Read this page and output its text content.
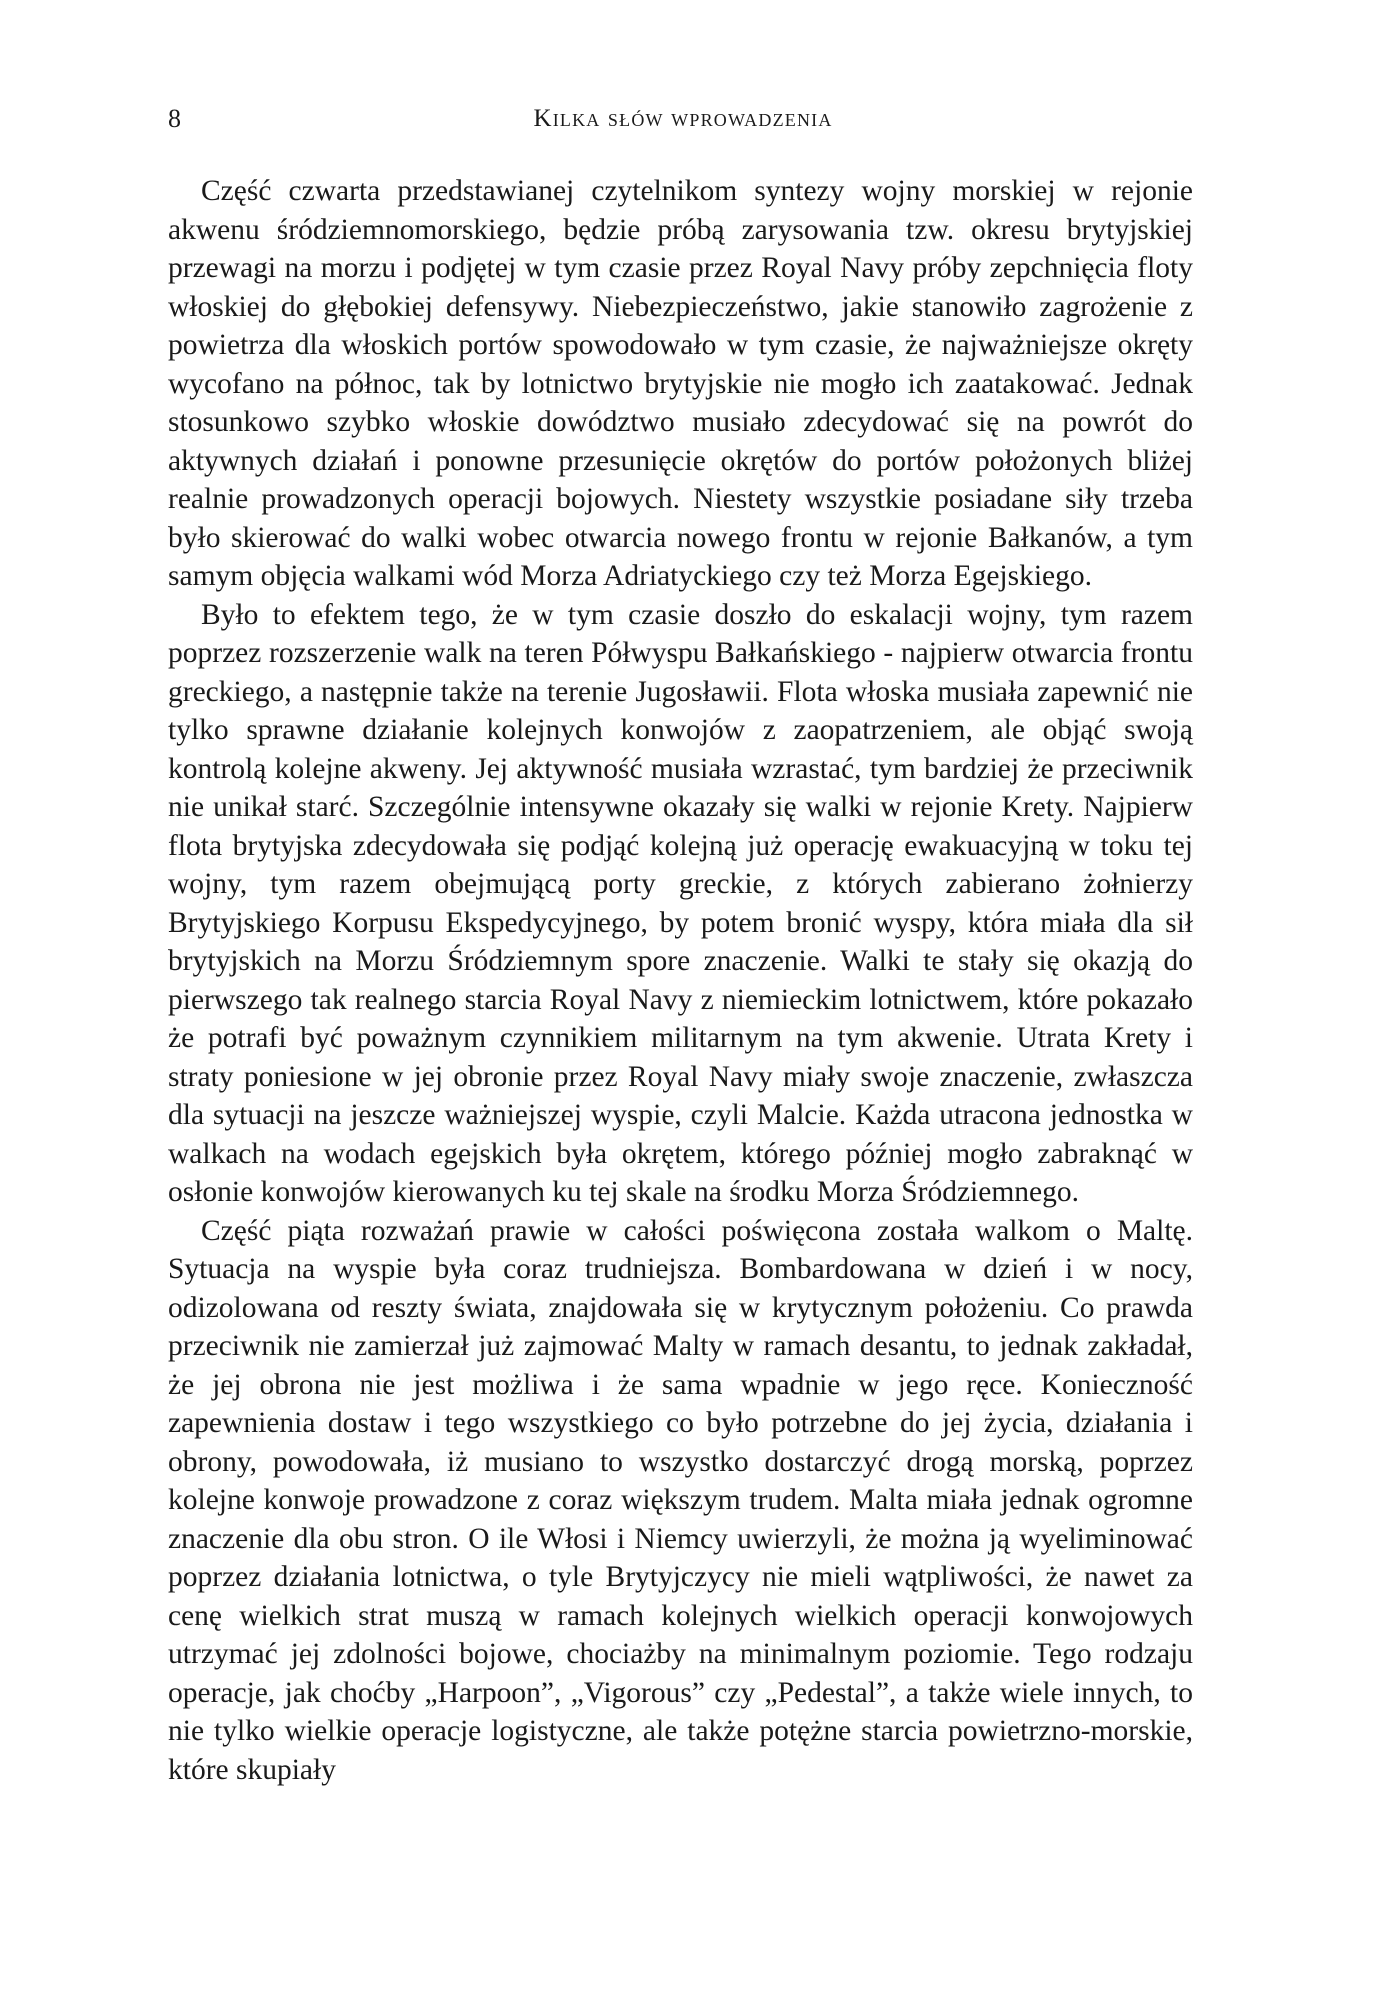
8	Kilka słów wprowadzenia

Część czwarta przedstawianej czytelnikom syntezy wojny morskiej w rejonie akwenu śródziemnomorskiego, będzie próbą zarysowania tzw. okresu brytyjskiej przewagi na morzu i podjętej w tym czasie przez Royal Navy próby zepchnięcia floty włoskiej do głębokiej defensywy. Niebezpieczeństwo, jakie stanowiło zagrożenie z powietrza dla włoskich portów spowodowało w tym czasie, że najważniejsze okręty wycofano na północ, tak by lotnictwo brytyjskie nie mogło ich zaatakować. Jednak stosunkowo szybko włoskie dowództwo musiało zdecydować się na powrót do aktywnych działań i ponowne przesunięcie okrętów do portów położonych bliżej realnie prowadzonych operacji bojowych. Niestety wszystkie posiadane siły trzeba było skierować do walki wobec otwarcia nowego frontu w rejonie Bałkanów, a tym samym objęcia walkami wód Morza Adriatyckiego czy też Morza Egejskiego.

Było to efektem tego, że w tym czasie doszło do eskalacji wojny, tym razem poprzez rozszerzenie walk na teren Półwyspu Bałkańskiego - najpierw otwarcia frontu greckiego, a następnie także na terenie Jugosławii. Flota włoska musiała zapewnić nie tylko sprawne działanie kolejnych konwojów z zaopatrzeniem, ale objąć swoją kontrolą kolejne akweny. Jej aktywność musiała wzrastać, tym bardziej że przeciwnik nie unikał starć. Szczególnie intensywne okazały się walki w rejonie Krety. Najpierw flota brytyjska zdecydowała się podjąć kolejną już operację ewakuacyjną w toku tej wojny, tym razem obejmującą porty greckie, z których zabierano żołnierzy Brytyjskiego Korpusu Ekspedycyjnego, by potem bronić wyspy, która miała dla sił brytyjskich na Morzu Śródziemnym spore znaczenie. Walki te stały się okazją do pierwszego tak realnego starcia Royal Navy z niemieckim lotnictwem, które pokazało że potrafi być poważnym czynnikiem militarnym na tym akwenie. Utrata Krety i straty poniesione w jej obronie przez Royal Navy miały swoje znaczenie, zwłaszcza dla sytuacji na jeszcze ważniejszej wyspie, czyli Malcie. Każda utracona jednostka w walkach na wodach egejskich była okrętem, którego później mogło zabraknąć w osłonie konwojów kierowanych ku tej skale na środku Morza Śródziemnego.

Część piąta rozważań prawie w całości poświęcona została walkom o Maltę. Sytuacja na wyspie była coraz trudniejsza. Bombardowana w dzień i w nocy, odizolowana od reszty świata, znajdowała się w krytycznym położeniu. Co prawda przeciwnik nie zamierzał już zajmować Malty w ramach desantu, to jednak zakładał, że jej obrona nie jest możliwa i że sama wpadnie w jego ręce. Konieczność zapewnienia dostaw i tego wszystkiego co było potrzebne do jej życia, działania i obrony, powodowała, iż musiano to wszystko dostarczyć drogą morską, poprzez kolejne konwoje prowadzone z coraz większym trudem. Malta miała jednak ogromne znaczenie dla obu stron. O ile Włosi i Niemcy uwierzyli, że można ją wyeliminować poprzez działania lotnictwa, o tyle Brytyjczycy nie mieli wątpliwości, że nawet za cenę wielkich strat muszą w ramach kolejnych wielkich operacji konwojowych utrzymać jej zdolności bojowe, chociażby na minimalnym poziomie. Tego rodzaju operacje, jak choćby „Harpoon”, „Vigorous” czy „Pedestal”, a także wiele innych, to nie tylko wielkie operacje logistyczne, ale także potężne starcia powietrzno-morskie, które skupiały
